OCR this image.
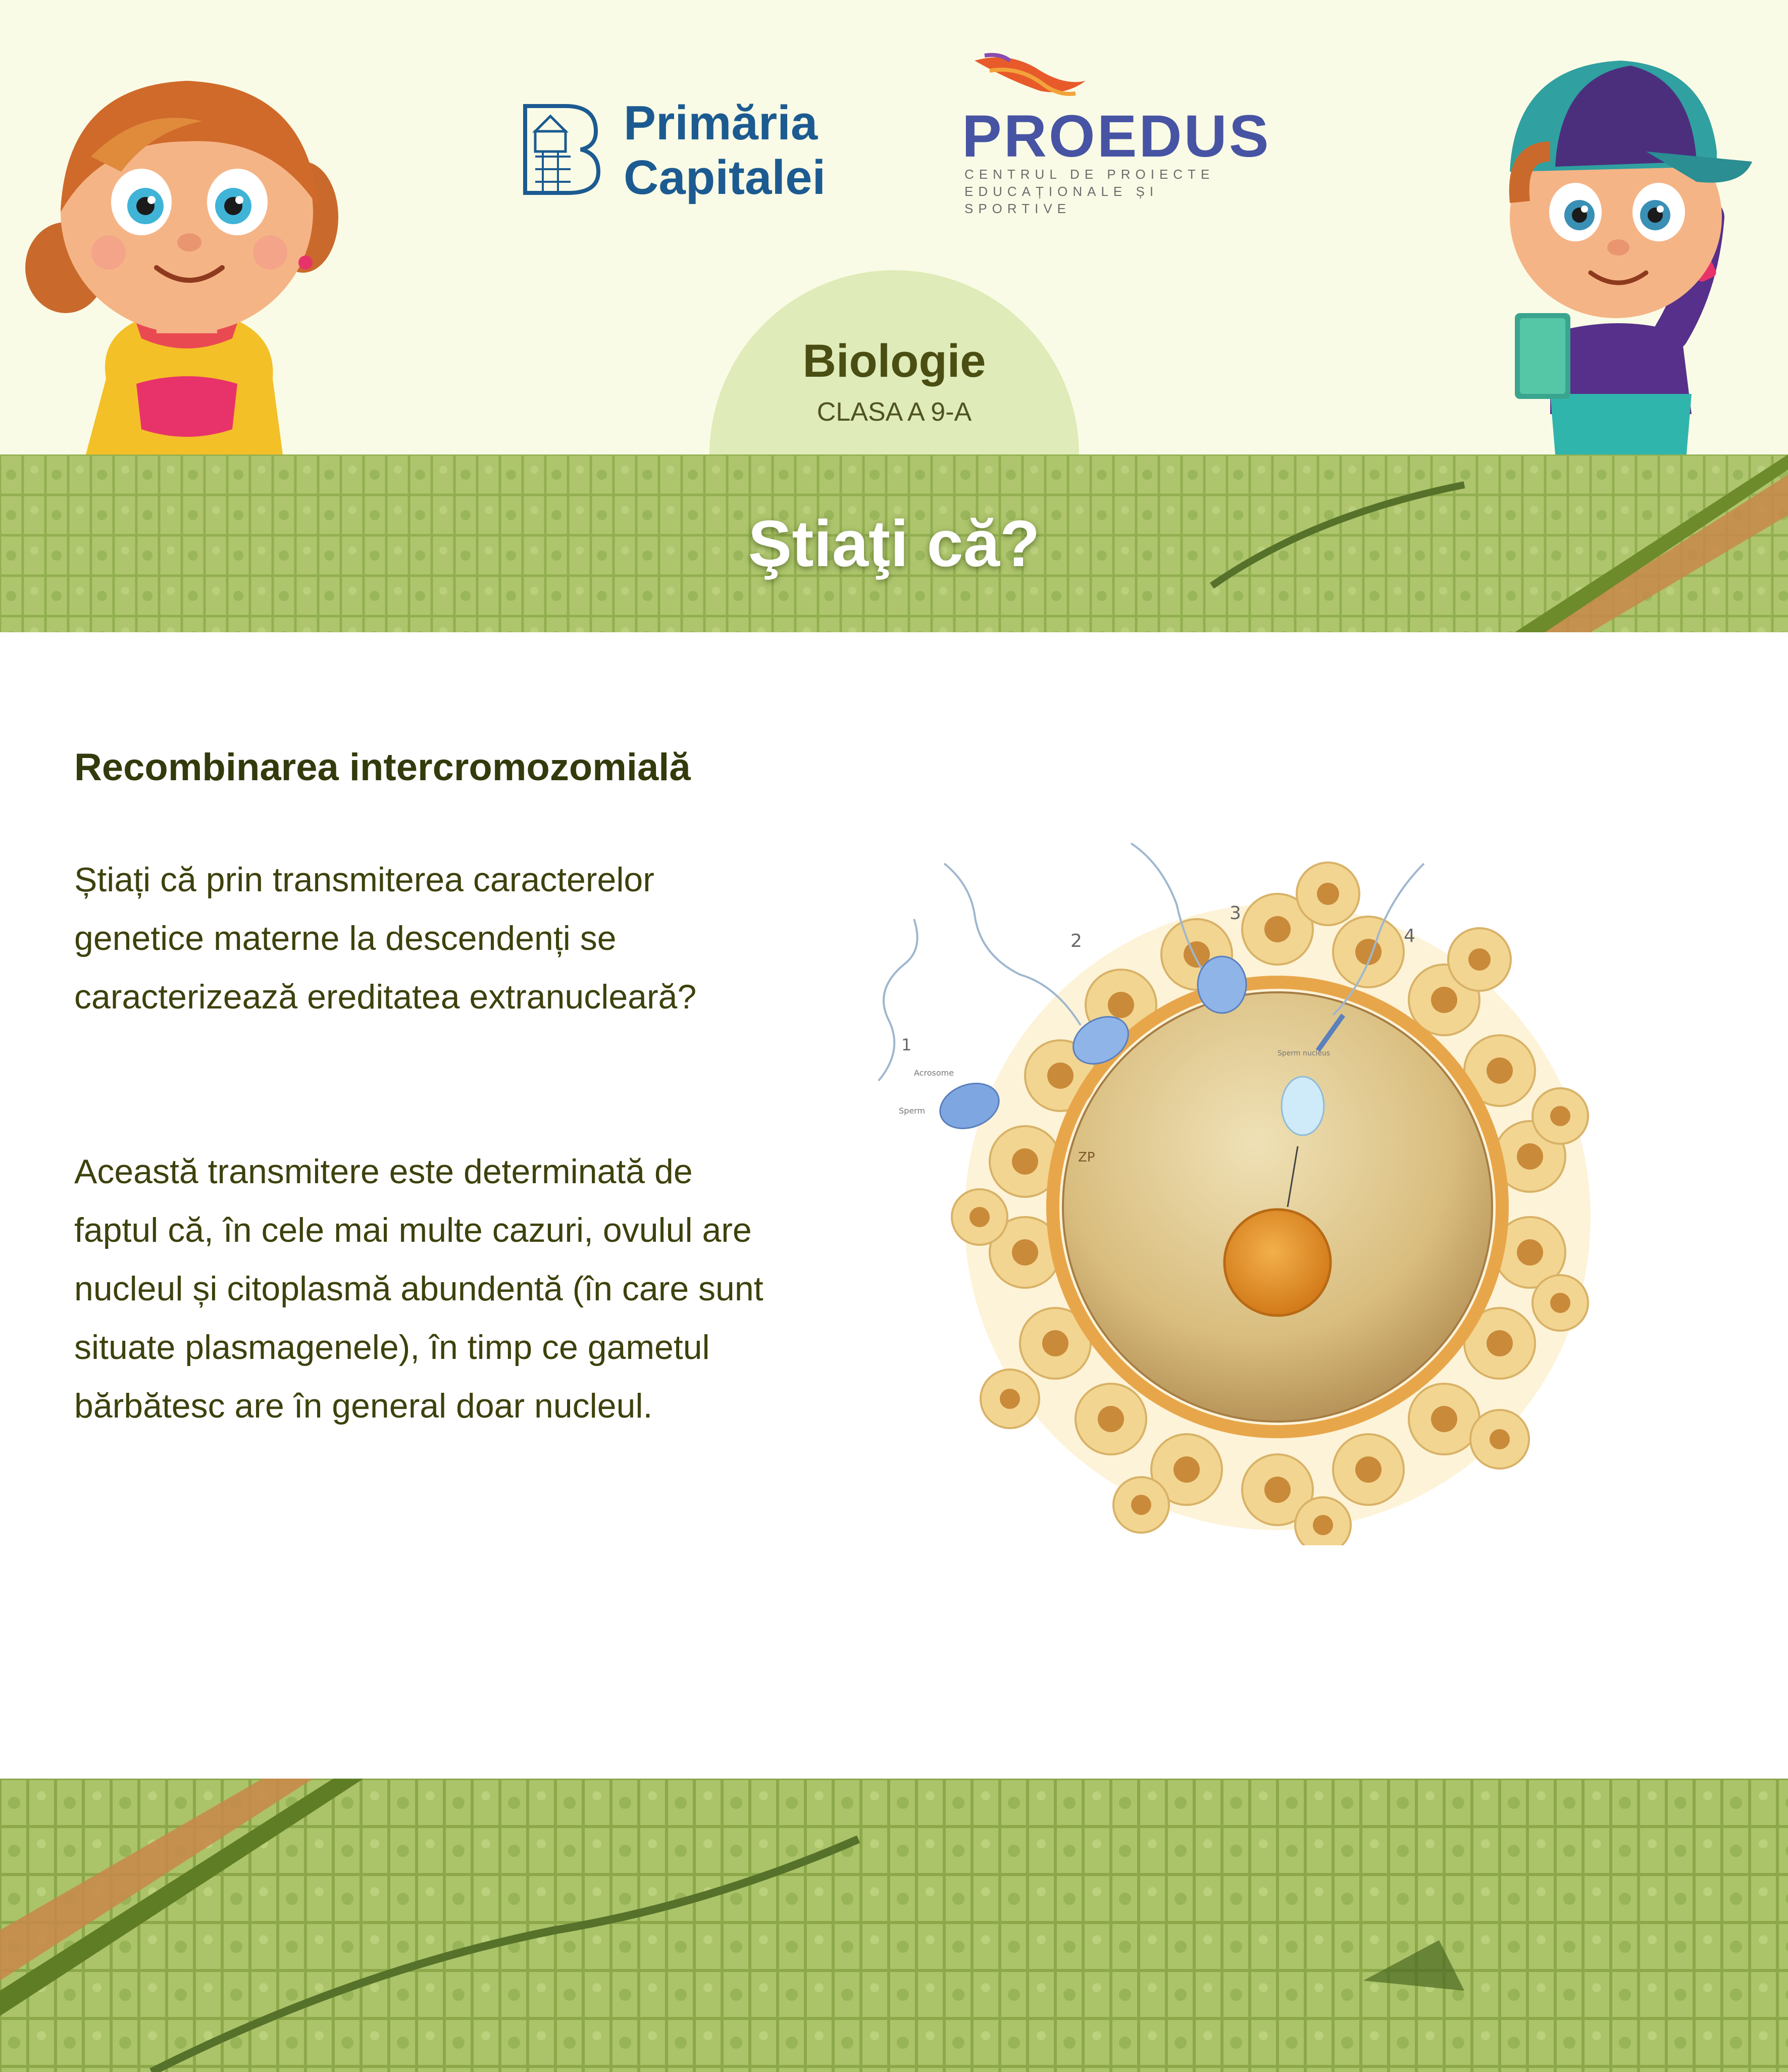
Primăria
Capitalei
PROEDUS
CENTRUL DE PROIECTE
EDUCAȚIONALE ȘI SPORTIVE
Biologie
CLASA A 9-A
Ştiaţi că?
Recombinarea intercromozomială
Știați că prin transmiterea caracterelor genetice materne la descendenți se caracterizează ereditatea extranucleară?
Această transmitere este determinată de faptul că, în cele mai multe cazuri, ovulul are nucleul și citoplasmă abundentă (în care sunt situate plasmagenele), în timp ce gametul bărbătesc are în general doar nucleul.
1
2
3
4
Acrosome
Sperm
ZP
Sperm nucleus
